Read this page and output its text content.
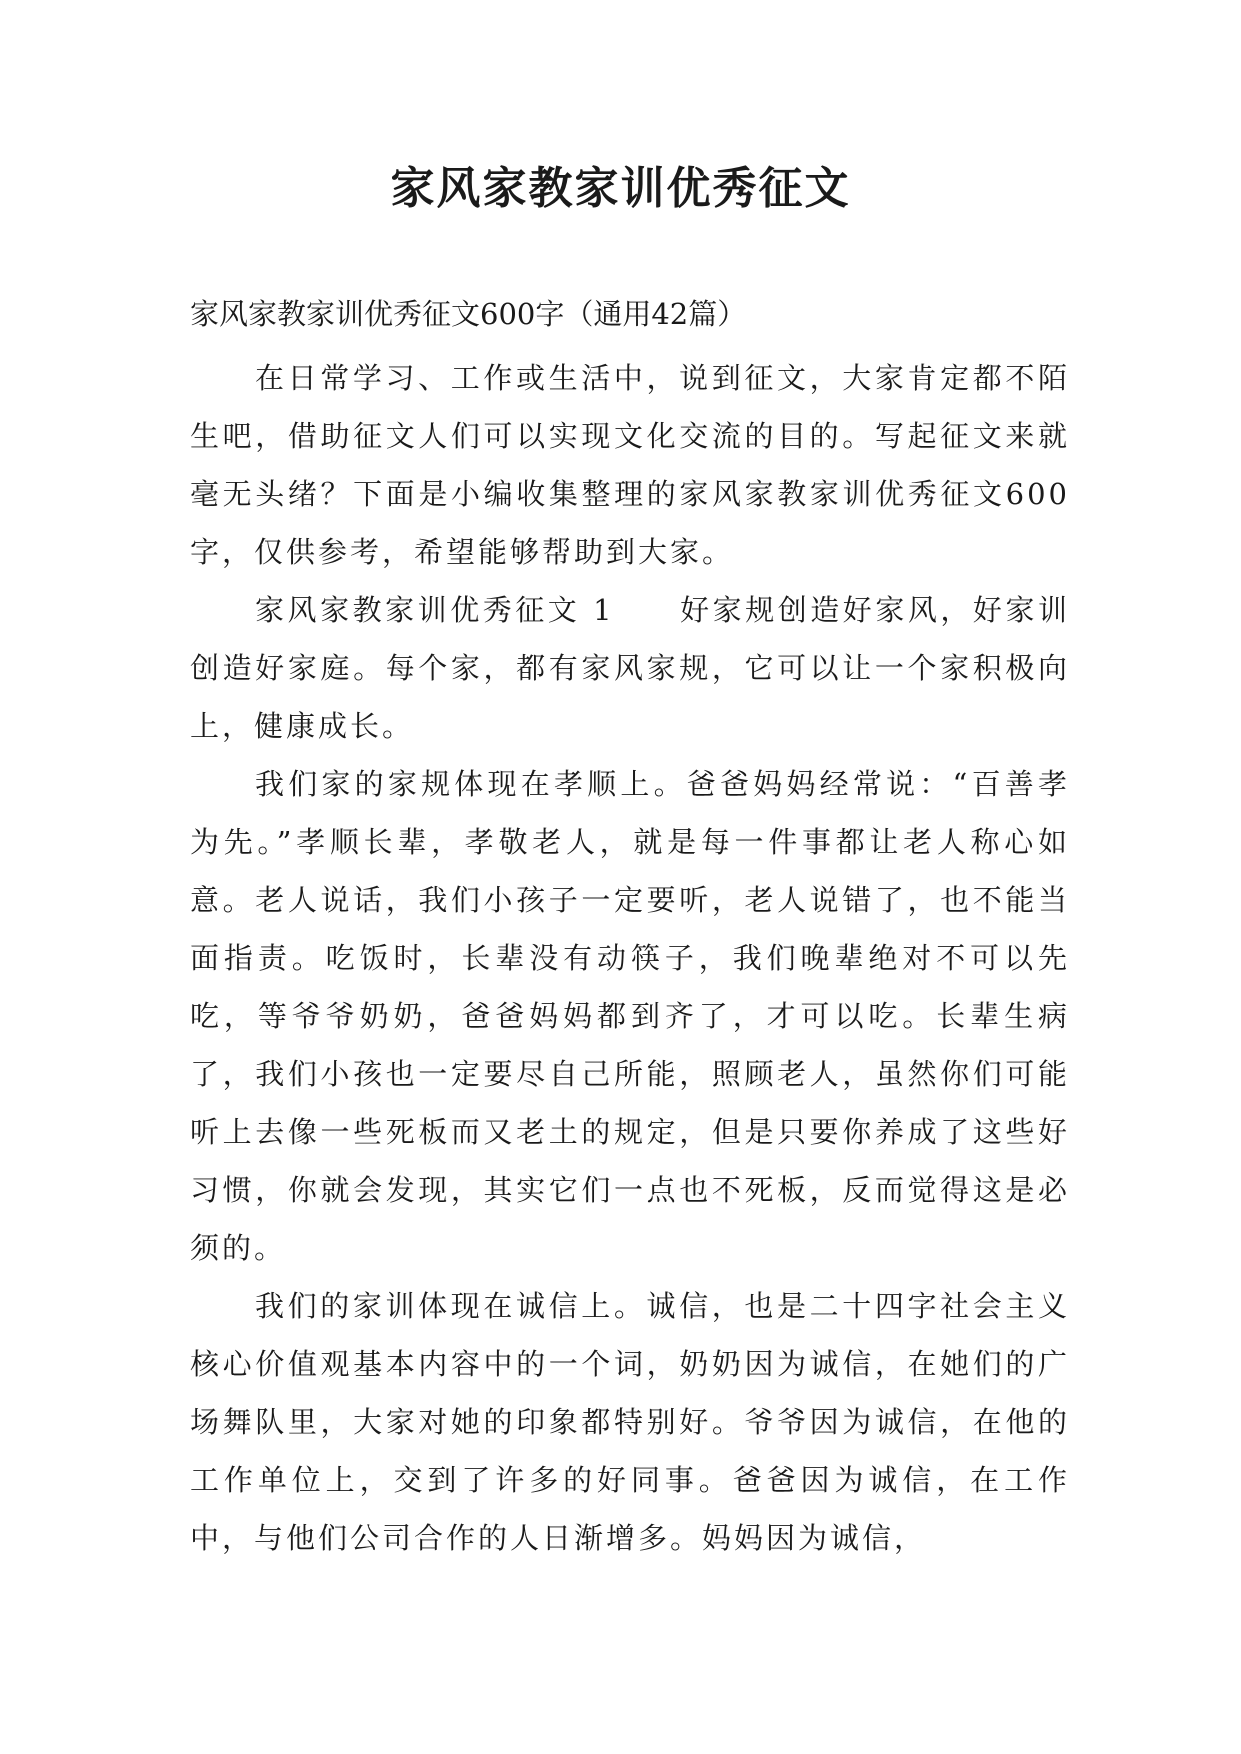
家风家教家训优秀征文
家风家教家训优秀征文600字（通用42篇）

在日常学习、工作或生活中，说到征文，大家肯定都不陌生吧，借助征文人们可以实现文化交流的目的。写起征文来就毫无头绪？下面是小编收集整理的家风家教家训优秀征文600字，仅供参考，希望能够帮助到大家。

家风家教家训优秀征文 1　　好家规创造好家风，好家训创造好家庭。每个家，都有家风家规，它可以让一个家积极向上，健康成长。

我们家的家规体现在孝顺上。爸爸妈妈经常说：“百善孝为先。”孝顺长辈，孝敬老人，就是每一件事都让老人称心如意。老人说话，我们小孩子一定要听，老人说错了，也不能当面指责。吃饭时，长辈没有动筷子，我们晚辈绝对不可以先吃，等爷爷奶奶，爸爸妈妈都到齐了，才可以吃。长辈生病了，我们小孩也一定要尽自己所能，照顾老人，虽然你们可能听上去像一些死板而又老土的规定，但是只要你养成了这些好习惯，你就会发现，其实它们一点也不死板，反而觉得这是必须的。

我们的家训体现在诚信上。诚信，也是二十四字社会主义核心价值观基本内容中的一个词，奶奶因为诚信，在她们的广场舞队里，大家对她的印象都特别好。爷爷因为诚信，在他的工作单位上，交到了许多的好同事。爸爸因为诚信，在工作中，与他们公司合作的人日渐增多。妈妈因为诚信，
